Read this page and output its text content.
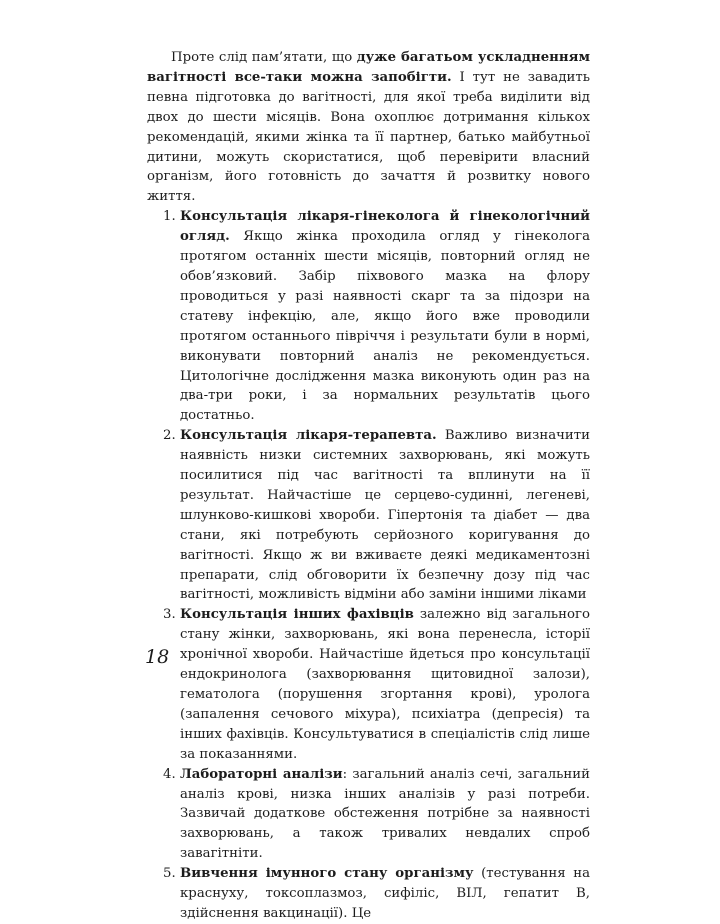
Проте слід пам’ятати, що дуже багатьом ускладненням вагітності все-таки можна запобігти. І тут не завадить певна підготовка до вагітності, для якої треба виділити від двох до шести місяців. Вона охоплює дотримання кількох рекомендацій, якими жінка та її партнер, батько майбутньої дитини, можуть скористатися, щоб перевірити власний організм, його готовність до зачаття й розвитку нового життя.

1. Консультація лікаря-гінеколога й гінекологічний огляд. Якщо жінка проходила огляд у гінеколога протягом останніх шести місяців, повторний огляд не обов’язковий. Забір піхвового мазка на флору проводиться у разі наявності скарг та за підозри на статеву інфекцію, але, якщо його вже проводили протягом останнього півріччя і результати були в нормі, виконувати повторний аналіз не рекомендується. Цитологічне дослідження мазка виконують один раз на два-три роки, і за нормальних результатів цього достатньо.
2. Консультація лікаря-терапевта. Важливо визначити наявність низки системних захворювань, які можуть посилитися під час вагітності та вплинути на її результат. Найчастіше це серцево-судинні, легеневі, шлунково-кишкові хвороби. Гіпертонія та діабет — два стани, які потребують серйозного коригування до вагітності. Якщо ж ви вживаєте деякі медикаментозні препарати, слід обговорити їх безпечну дозу під час вагітності, можливість відміни або заміни іншими ліками
3. Консультація інших фахівців залежно від загального стану жінки, захворювань, які вона перенесла, історії хронічної хвороби. Найчастіше йдеться про консультації ендокринолога (захворювання щитовидної залози), гематолога (порушення згортання крові), уролога (запалення сечового міхура), психіатра (депресія) та інших фахівців. Консультуватися в спеціалістів слід лише за показаннями.
4. Лабораторні аналізи: загальний аналіз сечі, загальний аналіз крові, низка інших аналізів у разі потреби. Зазвичай додаткове обстеження потрібне за наявності захворювань, а також тривалих невдалих спроб завагітніти.
5. Вивчення імунного стану організму (тестування на краснуху, токсоплазмоз, сифіліс, ВІЛ, гепатит B, здійснення вакцинації). Це
18
